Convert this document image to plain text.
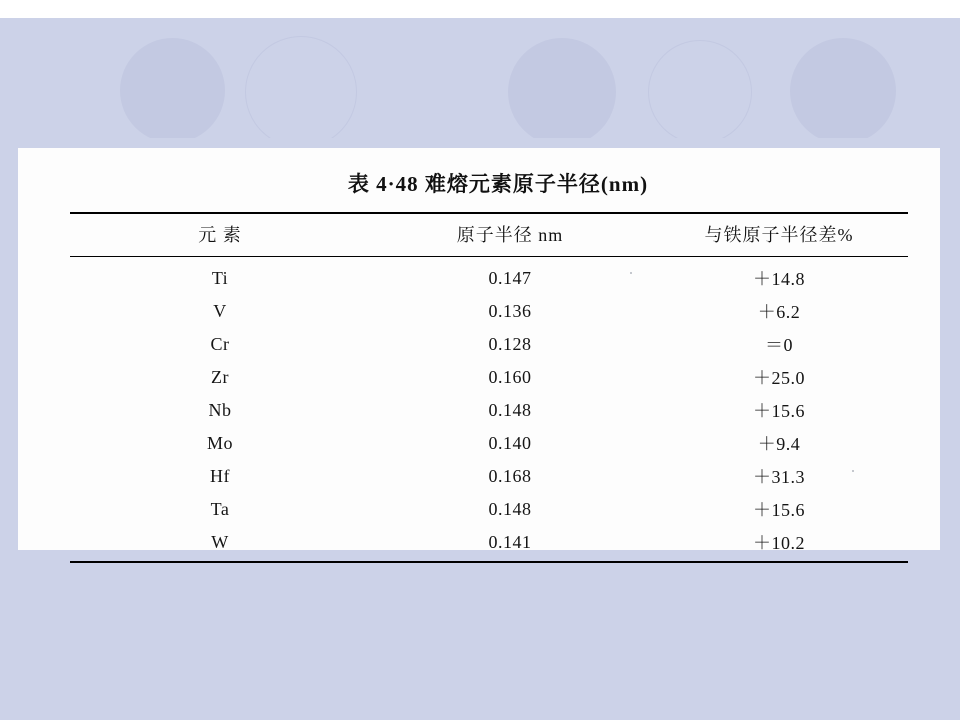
表 4·48 难熔元素原子半径(nm)
元 素	原子半径 nm	与铁原子半径差%
Ti	0.147	＋14.8
V	0.136	＋6.2
Cr	0.128	＝0
Zr	0.160	＋25.0
Nb	0.148	＋15.6
Mo	0.140	＋9.4
Hf	0.168	＋31.3
Ta	0.148	＋15.6
W	0.141	＋10.2
